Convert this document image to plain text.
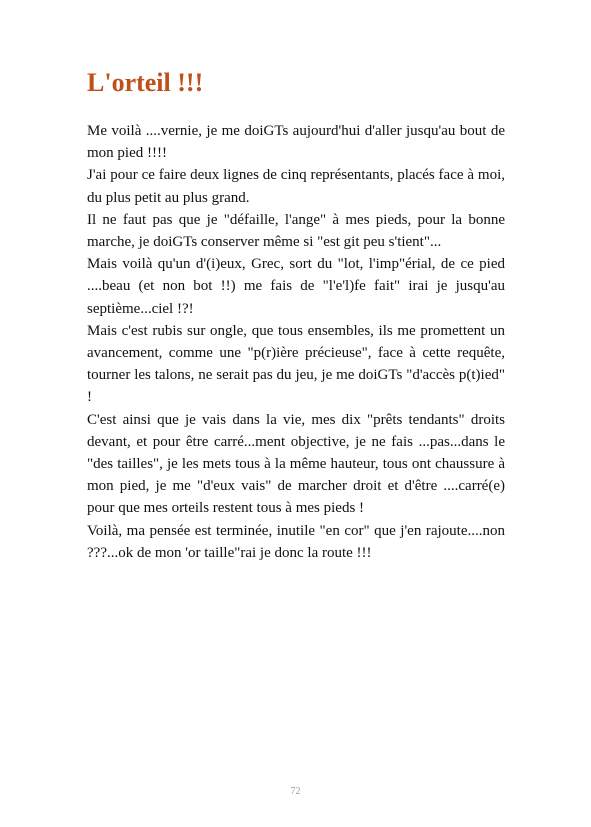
L'orteil !!!

Me voilà ....vernie, je me doiGTs aujourd'hui d'aller jusqu'au bout de mon pied !!!!

J'ai pour ce faire deux lignes de cinq représentants, placés face à moi, du plus petit au plus grand.

Il ne faut pas que je "défaille, l'ange" à mes pieds, pour la bonne marche, je doiGTs conserver même si "est git peu s'tient"...

Mais voilà qu'un d'(i)eux, Grec, sort du "lot, l'imp"érial, de ce pied ....beau (et non bot !!) me fais de "l'e'l)fe fait" irai je jusqu'au septième...ciel !?!

Mais c'est rubis sur ongle, que tous ensembles, ils me promettent un avancement, comme une "p(r)ière précieuse", face à cette requête, tourner les talons, ne serait pas du jeu, je me doiGTs "d'accès p(t)ied" !

C'est ainsi que je vais dans la vie, mes dix "prêts tendants" droits devant, et pour être carré...ment objective, je ne fais ...pas...dans le "des tailles", je les mets tous à la même hauteur, tous ont chaussure à mon pied, je me "d'eux vais" de marcher droit et d'être ....carré(e) pour que mes orteils restent tous à mes pieds !

Voilà, ma pensée est terminée, inutile "en cor" que j'en rajoute....non ???...ok de mon 'or taille"rai je donc la route !!!

72
